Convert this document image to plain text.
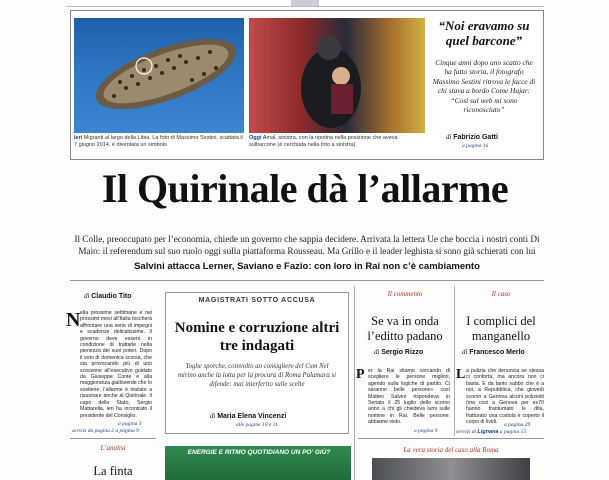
Ieri Migranti al largo della Libia. La foto di Massimo Sestini, scattata il 7 giugno 2014, è diventata un simbolo
Oggi Amal, sinistra, con la ripotina nella posizione che aveva sulbarcone (è cerchiata nella foto a sinistra)
“Noi eravamo su quel barcone”
Cinque anni dopo uno scatto che ha fatto storia, il fotografo Massimo Sestini ritrova le facce di chi stava a bordo Come Hajar: “Così sul web mi sono riconosciuto”
di Fabrizio Gatti
a pagina 16
Il Quirinale dà l’allarme
Il Colle, preoccupato per l’economia, chiede un governo che sappia decidere. Arrivata la lettera Ue che boccia i nostri conti Di Maio: il referendum sul suo ruolo oggi sulla piattaforma Rousseau. Ma Grillo e il leader leghista si sono già schierati con lui
Salvini attacca Lerner, Saviano e Fazio: con loro in Rai non c’è cambiamento
di Claudio Tito
N ella prossime settimane e nei prossimi mesi all’Italia toccherà affrontare una serie di impegni e scadenze delicatissime. Il governo deve essere in condizione di trattarle nella pienezza dei suoi poteri. Dopo il voto di domenica scorsa, che sta provocando più di uno scossone all’esecutivo guidato da Giuseppe Conte e alla maggioranza gialloverde che lo sostiene, l’allarme è iniziato a risuonare anche al Quirinale. Il capo dello Stato, Sergio Mattarella, ieri ha incontrato il presidente del Consiglio.
a pagina 3
servizi da pagina 2 a pagina 9
L’analisi
La finta
MAGISTRATI SOTTO ACCUSA
Nomine e corruzione altri tre indagati
Toghe sporche, coinvolto un consigliere del Csm Nel mirino anche la lotta per la procura di Roma Palamara si difende: mai interferito sulle scelte
di Maria Elena Vincenzi
alle pagine 10 e 11
ENERGIE E RITMO QUOTIDIANO UN PO’ GIÙ?
Il commento
Se va in onda l’editto padano
di Sergio Rizzo
P er la Rai stiamo cercando di scegliere le persone migliori, agendo sulla logiche di partito. Ci saranno belle persone» così Matteo Salvini rispondeva in Senato il 25 luglio dello scorso anno a chi gli chiedeva lumi sulle nomine in Rai. Belle persone: abbiamo visto.
a pagina 9
La vera storia del caso alla Roma
Il caso
I complici del manganello
di Francesco Merlo
L a polizia che denuncia se stessa ci conforta, ma ancora non ci basta. E da tanto sabbo che è a noi, a Repubblica, che giovedì scorso a Genova alcuni poliziotti (ma cosi a Genova per ex70 hanno frantumato le dita, fratturato una costola e coperto il corpo di lividi.	a pagina 29
servizi di Lignana a pagina 15
